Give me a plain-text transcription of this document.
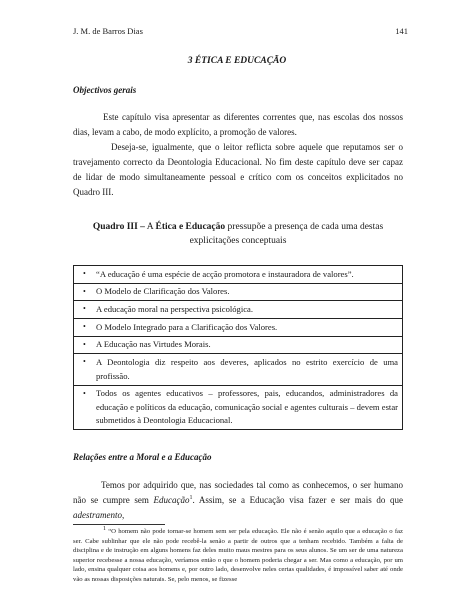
J. M. de Barros Dias	141
3 ÉTICA E EDUCAÇÃO
Objectivos gerais
Este capítulo visa apresentar as diferentes correntes que, nas escolas dos nossos dias, levam a cabo, de modo explícito, a promoção de valores.
Deseja-se, igualmente, que o leitor reflicta sobre aquele que reputamos ser o travejamento correcto da Deontologia Educacional. No fim deste capítulo deve ser capaz de lidar de modo simultaneamente pessoal e crítico com os conceitos explicitados no Quadro III.
Quadro III – A Ética e Educação pressupõe a presença de cada uma destas explicitações conceptuais
• “A educação é uma espécie de acção promotora e instauradora de valores”.

• O Modelo de Clarificação dos Valores.

• A educação moral na perspectiva psicológica.

• O Modelo Integrado para a Clarificação dos Valores.

• A Educação nas Virtudes Morais.

• A Deontologia diz respeito aos deveres, aplicados no estrito exercício de uma profissão.

• Todos os agentes educativos – professores, pais, educandos, administradores da educação e políticos da educação, comunicação social e agentes culturais – devem estar submetidos à Deontologia Educacional.
Relações entre a Moral e a Educação
Temos por adquirido que, nas sociedades tal como as conhecemos, o ser humano não se cumpre sem Educação$^1$. Assim, se a Educação visa fazer e ser mais do que adestramento,
$^1$ “O homem não pode tornar-se homem sem ser pela educação. Ele não é senão aquilo que a educação o faz ser. Cabe sublinhar que ele não pode recebê-la senão a partir de outros que a tenham recebido. Também a falta de disciplina e de instrução em alguns homens faz deles muito maus mestres para os seus alunos. Se um ser de uma natureza superior recebesse a nossa educação, veríamos então o que o homem poderia chegar a ser. Mas como a educação, por um lado, ensina qualquer coisa aos homens e, por outro lado, desenvolve neles certas qualidades, é impossível saber até onde vão as nossas disposições naturais. Se, pelo menos, se fizesse
